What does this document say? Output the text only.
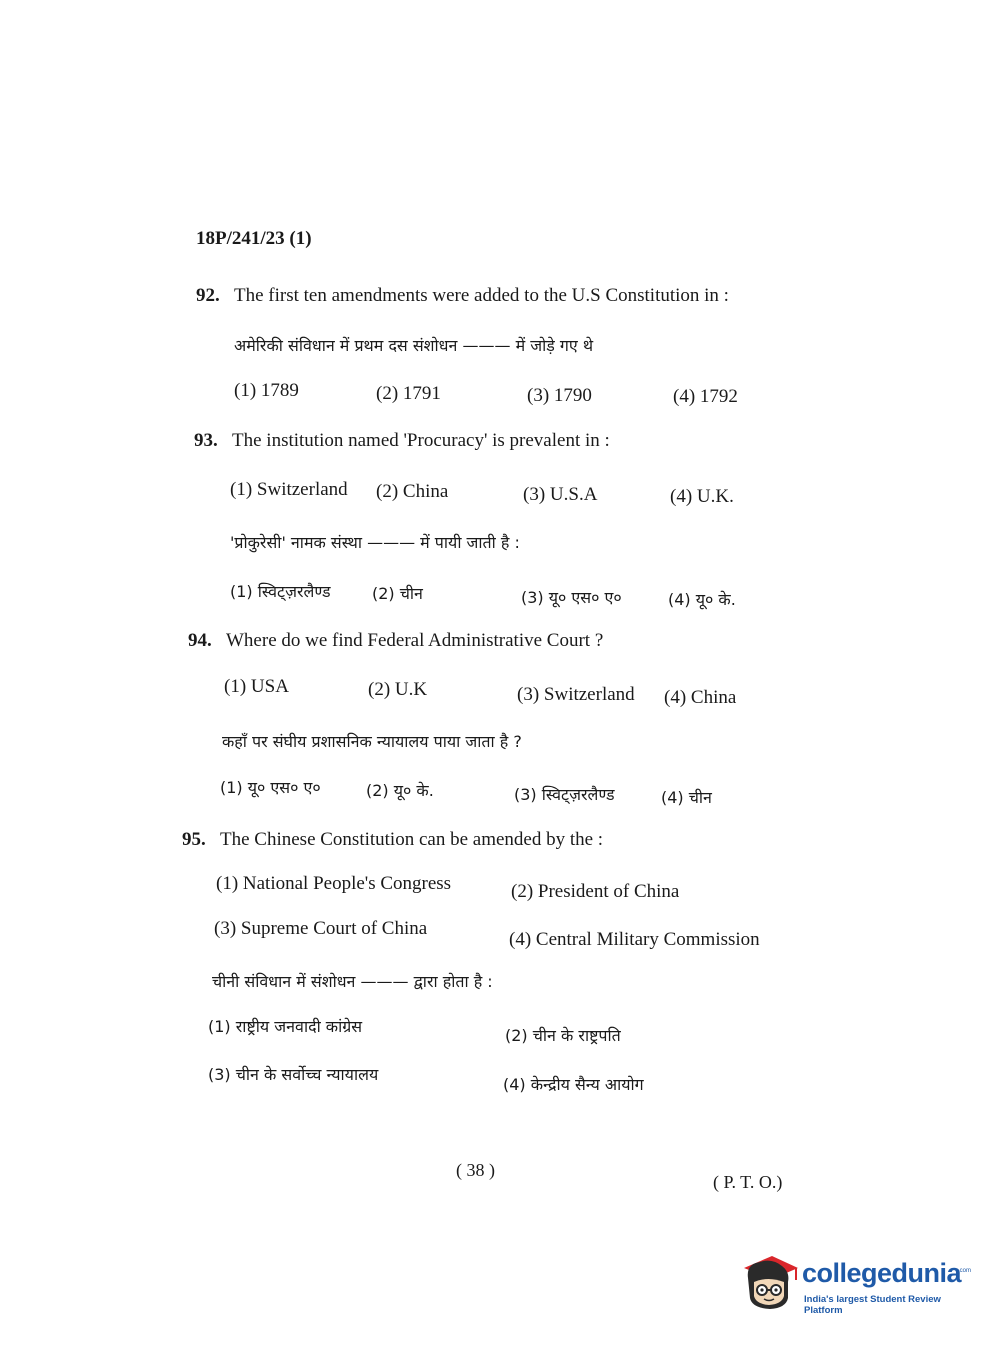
18P/241/23 (1)
92. The first ten amendments were added to the U.S Constitution in :
अमेरिकी संविधान में प्रथम दस संशोधन ——— में जोड़े गए थे
(1) 1789	(2) 1791	(3) 1790	(4) 1792
93. The institution named 'Procuracy' is prevalent in :
(1) Switzerland (2) China	(3) U.S.A	(4) U.K.
'प्रोकुरेसी' नामक संस्था ——— में पायी जाती है :
(1) स्विट्ज़रलैण्ड	(2) चीन	(3) यू० एस० ए०	(4) यू० के.
94. Where do we find Federal Administrative Court ?
(1) USA	(2) U.K	(3) Switzerland (4) China
कहाँ पर संघीय प्रशासनिक न्यायालय पाया जाता है ?
(1) यू० एस० ए०	(2) यू० के.	(3) स्विट्ज़रलैण्ड	(4) चीन
95. The Chinese Constitution can be amended by the :
(1) National People's Congress	(2) President of China
(3) Supreme Court of China
(4) Central Military Commission
चीनी संविधान में संशोधन ——— द्वारा होता है :
(1) राष्ट्रीय जनवादी कांग्रेस	(2) चीन के राष्ट्रपति
(3) चीन के सर्वोच्च न्यायालय
(4) केन्द्रीय सैन्य आयोग
( 38 )
( P. T. O.)
collegedunia
.com
India's largest Student Review Platform
